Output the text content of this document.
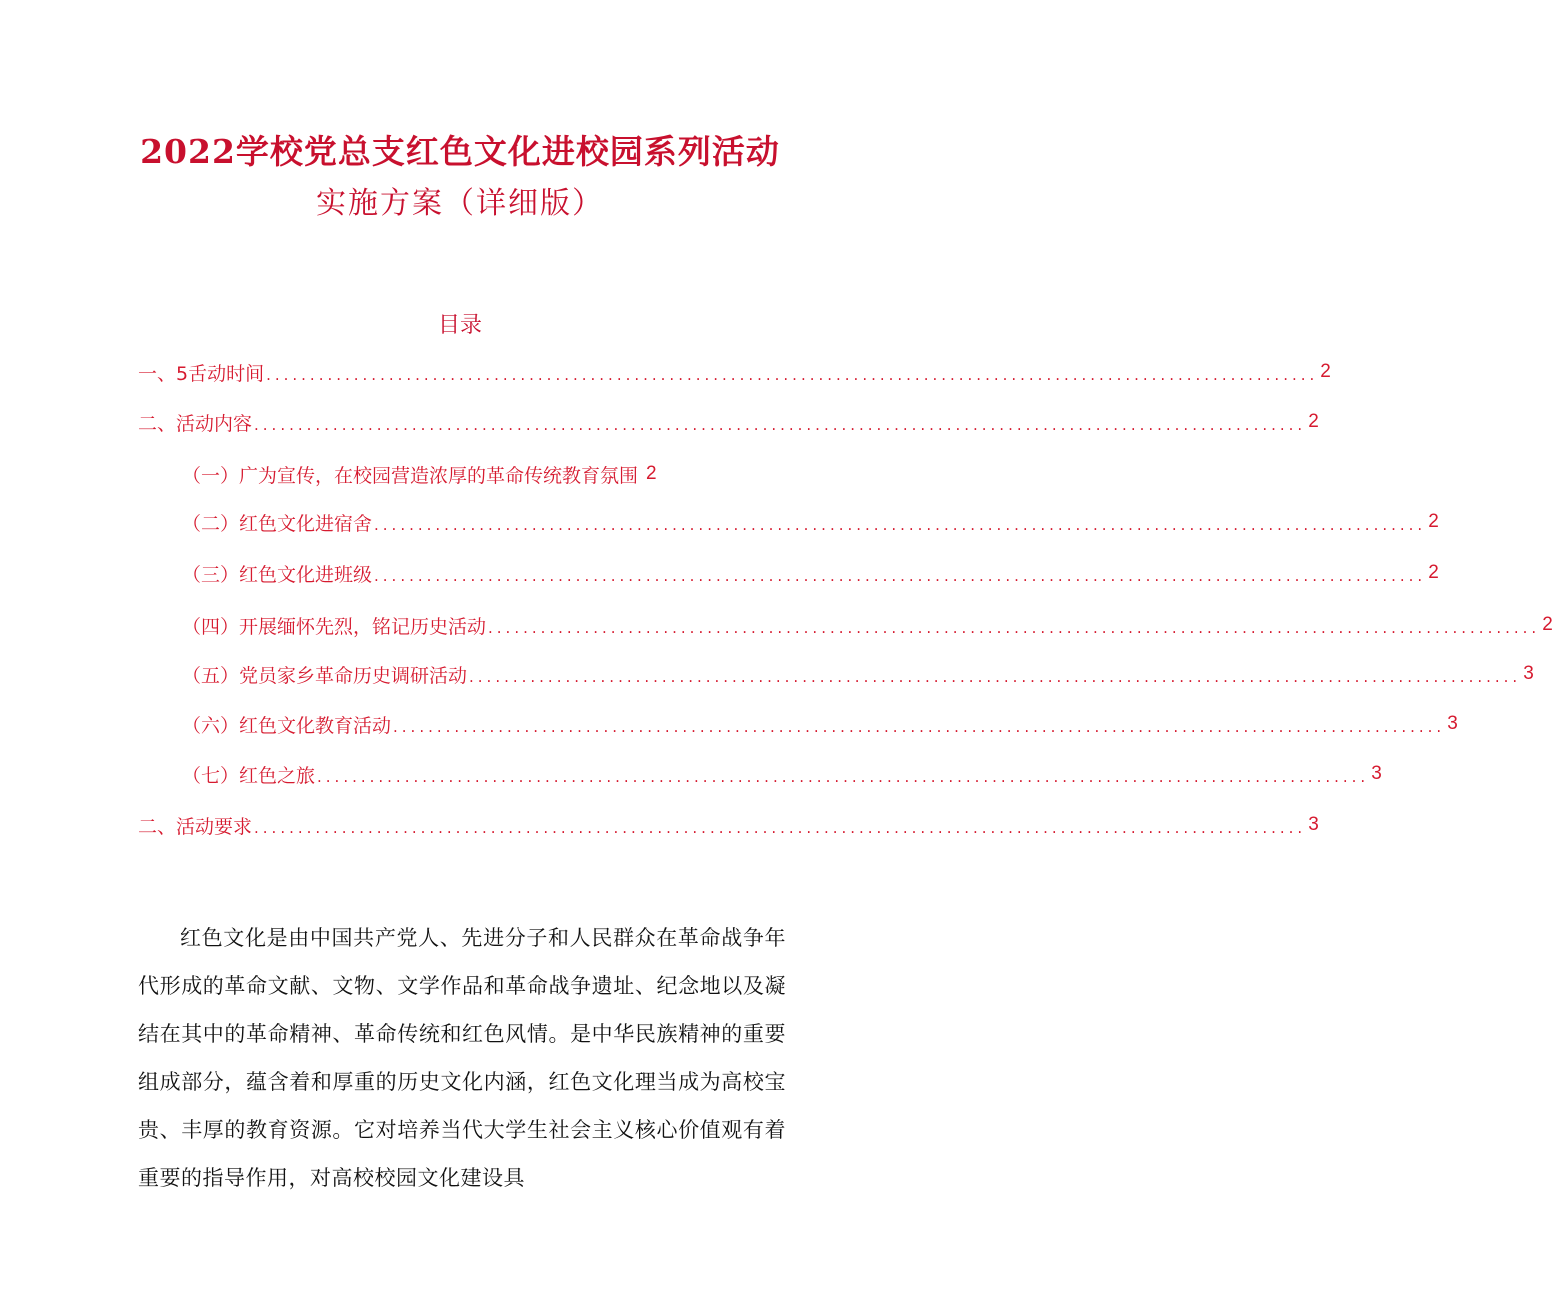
2022学校党总支红色文化进校园系列活动
实施方案（详细版）
目录
一、5舌动时间 ........................................................................................................................ 2
二、活动内容 ........................................................................................................................ 2
（一）广为宣传，在校园营造浓厚的革命传统教育氛围 2
（二）红色文化进宿舍 ........................................................................................................................ 2
（三）红色文化进班级 ........................................................................................................................ 2
（四）开展缅怀先烈，铭记历史活动 ........................................................................................................................ 2
（五）党员家乡革命历史调研活动 ........................................................................................................................ 3
（六）红色文化教育活动 ........................................................................................................................ 3
（七）红色之旅 ........................................................................................................................ 3
二、活动要求 ........................................................................................................................ 3

红色文化是由中国共产党人、先进分子和人民群众在革命战争年代形成的革命文献、文物、文学作品和革命战争遗址、纪念地以及凝结在其中的革命精神、革命传统和红色风情。是中华民族精神的重要组成部分，蕴含着和厚重的历史文化内涵，红色文化理当成为高校宝贵、丰厚的教育资源。它对培养当代大学生社会主义核心价值观有着重要的指导作用，对高校校园文化建设具
